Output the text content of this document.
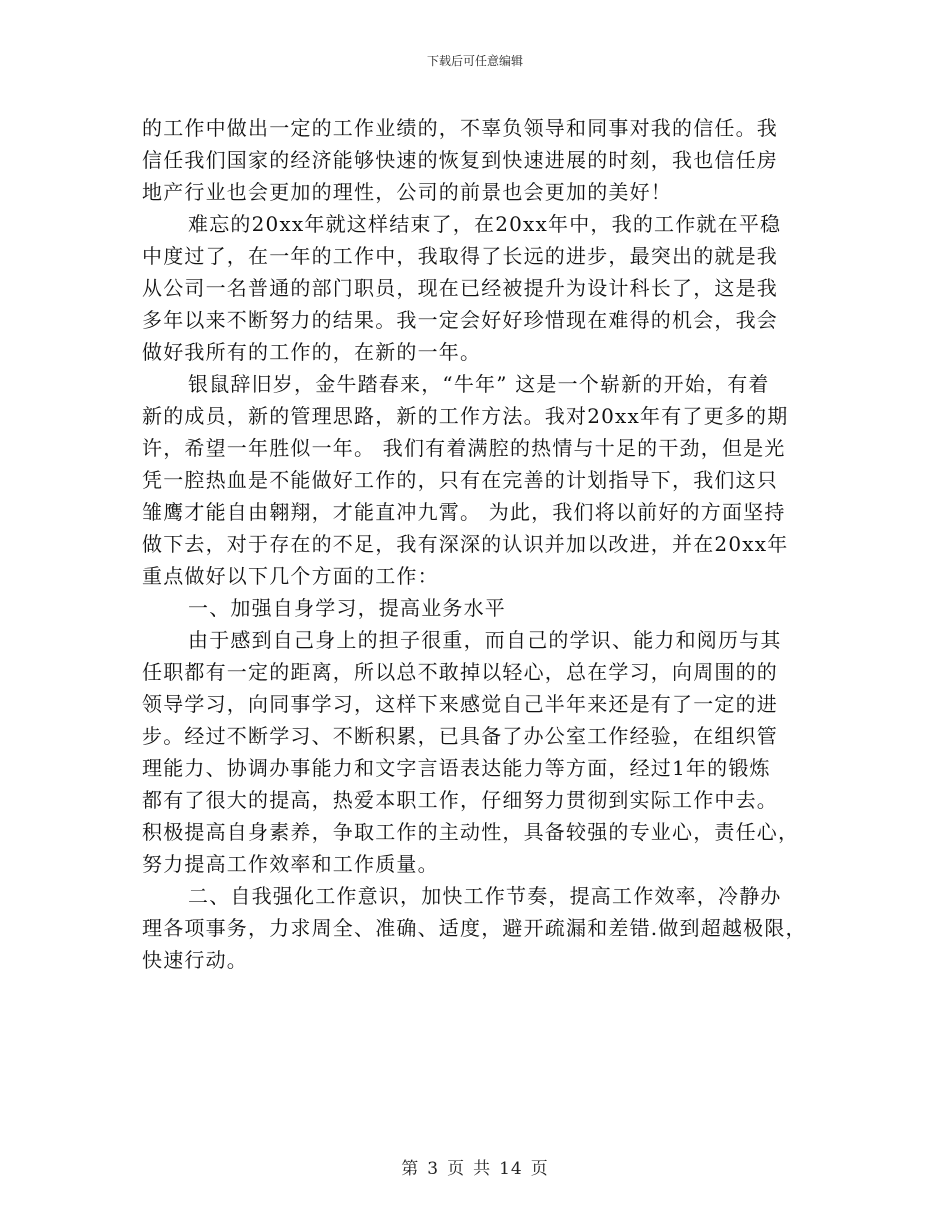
下载后可任意编辑
的工作中做出一定的工作业绩的，不辜负领导和同事对我的信任。我
信任我们国家的经济能够快速的恢复到快速进展的时刻，我也信任房
地产行业也会更加的理性，公司的前景也会更加的美好！
难忘的20xx年就这样结束了，在20xx年中，我的工作就在平稳
中度过了，在一年的工作中，我取得了长远的进步，最突出的就是我
从公司一名普通的部门职员，现在已经被提升为设计科长了，这是我
多年以来不断努力的结果。我一定会好好珍惜现在难得的机会，我会
做好我所有的工作的，在新的一年。
银鼠辞旧岁，金牛踏春来，“牛年” 这是一个崭新的开始，有着
新的成员，新的管理思路，新的工作方法。我对20xx年有了更多的期
许，希望一年胜似一年。 我们有着满腔的热情与十足的干劲，但是光
凭一腔热血是不能做好工作的，只有在完善的计划指导下，我们这只
雏鹰才能自由翱翔，才能直冲九霄。 为此，我们将以前好的方面坚持
做下去，对于存在的不足，我有深深的认识并加以改进，并在20xx年
重点做好以下几个方面的工作：
一、加强自身学习，提高业务水平
由于感到自己身上的担子很重，而自己的学识、能力和阅历与其
任职都有一定的距离，所以总不敢掉以轻心，总在学习，向周围的的
领导学习，向同事学习，这样下来感觉自己半年来还是有了一定的进
步。经过不断学习、不断积累，已具备了办公室工作经验，在组织管
理能力、协调办事能力和文字言语表达能力等方面，经过1年的锻炼
都有了很大的提高，热爱本职工作，仔细努力贯彻到实际工作中去。
积极提高自身素养，争取工作的主动性，具备较强的专业心，责任心，
努力提高工作效率和工作质量。
二、自我强化工作意识，加快工作节奏，提高工作效率，冷静办
理各项事务，力求周全、准确、适度，避开疏漏和差错.做到超越极限，
快速行动。
第 3 页 共 14 页
